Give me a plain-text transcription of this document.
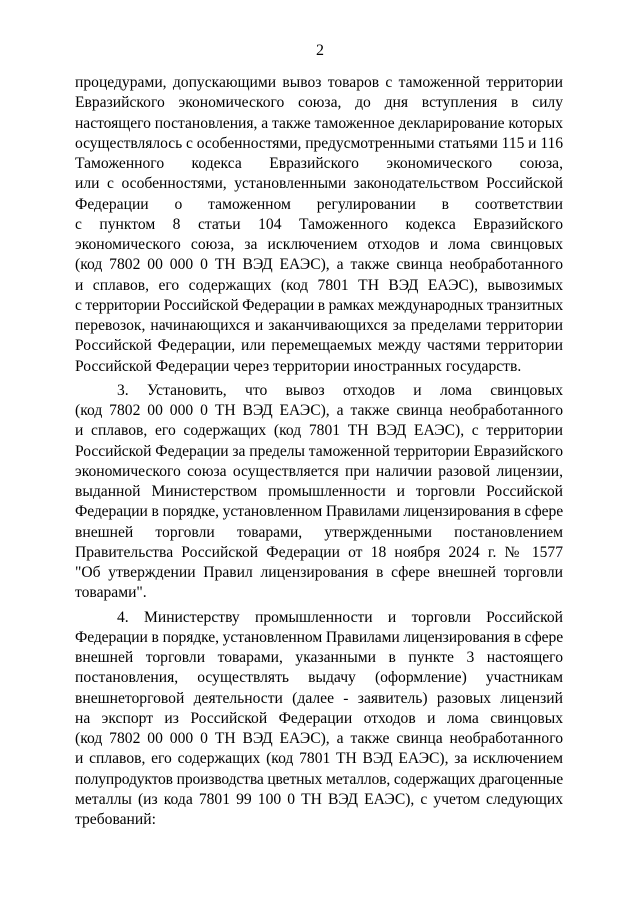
2
процедурами, допускающими вывоз товаров с таможенной территории
Евразийского экономического союза, до дня вступления в силу
настоящего постановления, а также таможенное декларирование которых
осуществлялось с особенностями, предусмотренными статьями 115 и 116
Таможенного кодекса Евразийского экономического союза,
или с особенностями, установленными законодательством Российской
Федерации о таможенном регулировании в соответствии
с пунктом 8 статьи 104 Таможенного кодекса Евразийского
экономического союза, за исключением отходов и лома свинцовых
(код 7802 00 000 0 ТН ВЭД ЕАЭС), а также свинца необработанного
и сплавов, его содержащих (код 7801 ТН ВЭД ЕАЭС), вывозимых
с территории Российской Федерации в рамках международных транзитных
перевозок, начинающихся и заканчивающихся за пределами территории
Российской Федерации, или перемещаемых между частями территории
Российской Федерации через территории иностранных государств.
3. Установить, что вывоз отходов и лома свинцовых
(код 7802 00 000 0 ТН ВЭД ЕАЭС), а также свинца необработанного
и сплавов, его содержащих (код 7801 ТН ВЭД ЕАЭС), с территории
Российской Федерации за пределы таможенной территории Евразийского
экономического союза осуществляется при наличии разовой лицензии,
выданной Министерством промышленности и торговли Российской
Федерации в порядке, установленном Правилами лицензирования в сфере
внешней торговли товарами, утвержденными постановлением
Правительства Российской Федерации от 18 ноября 2024 г. № 1577
"Об утверждении Правил лицензирования в сфере внешней торговли
товарами".
4. Министерству промышленности и торговли Российской
Федерации в порядке, установленном Правилами лицензирования в сфере
внешней торговли товарами, указанными в пункте 3 настоящего
постановления, осуществлять выдачу (оформление) участникам
внешнеторговой деятельности (далее - заявитель) разовых лицензий
на экспорт из Российской Федерации отходов и лома свинцовых
(код 7802 00 000 0 ТН ВЭД ЕАЭС), а также свинца необработанного
и сплавов, его содержащих (код 7801 ТН ВЭД ЕАЭС), за исключением
полупродуктов производства цветных металлов, содержащих драгоценные
металлы (из кода 7801 99 100 0 ТН ВЭД ЕАЭС), с учетом следующих
требований:
